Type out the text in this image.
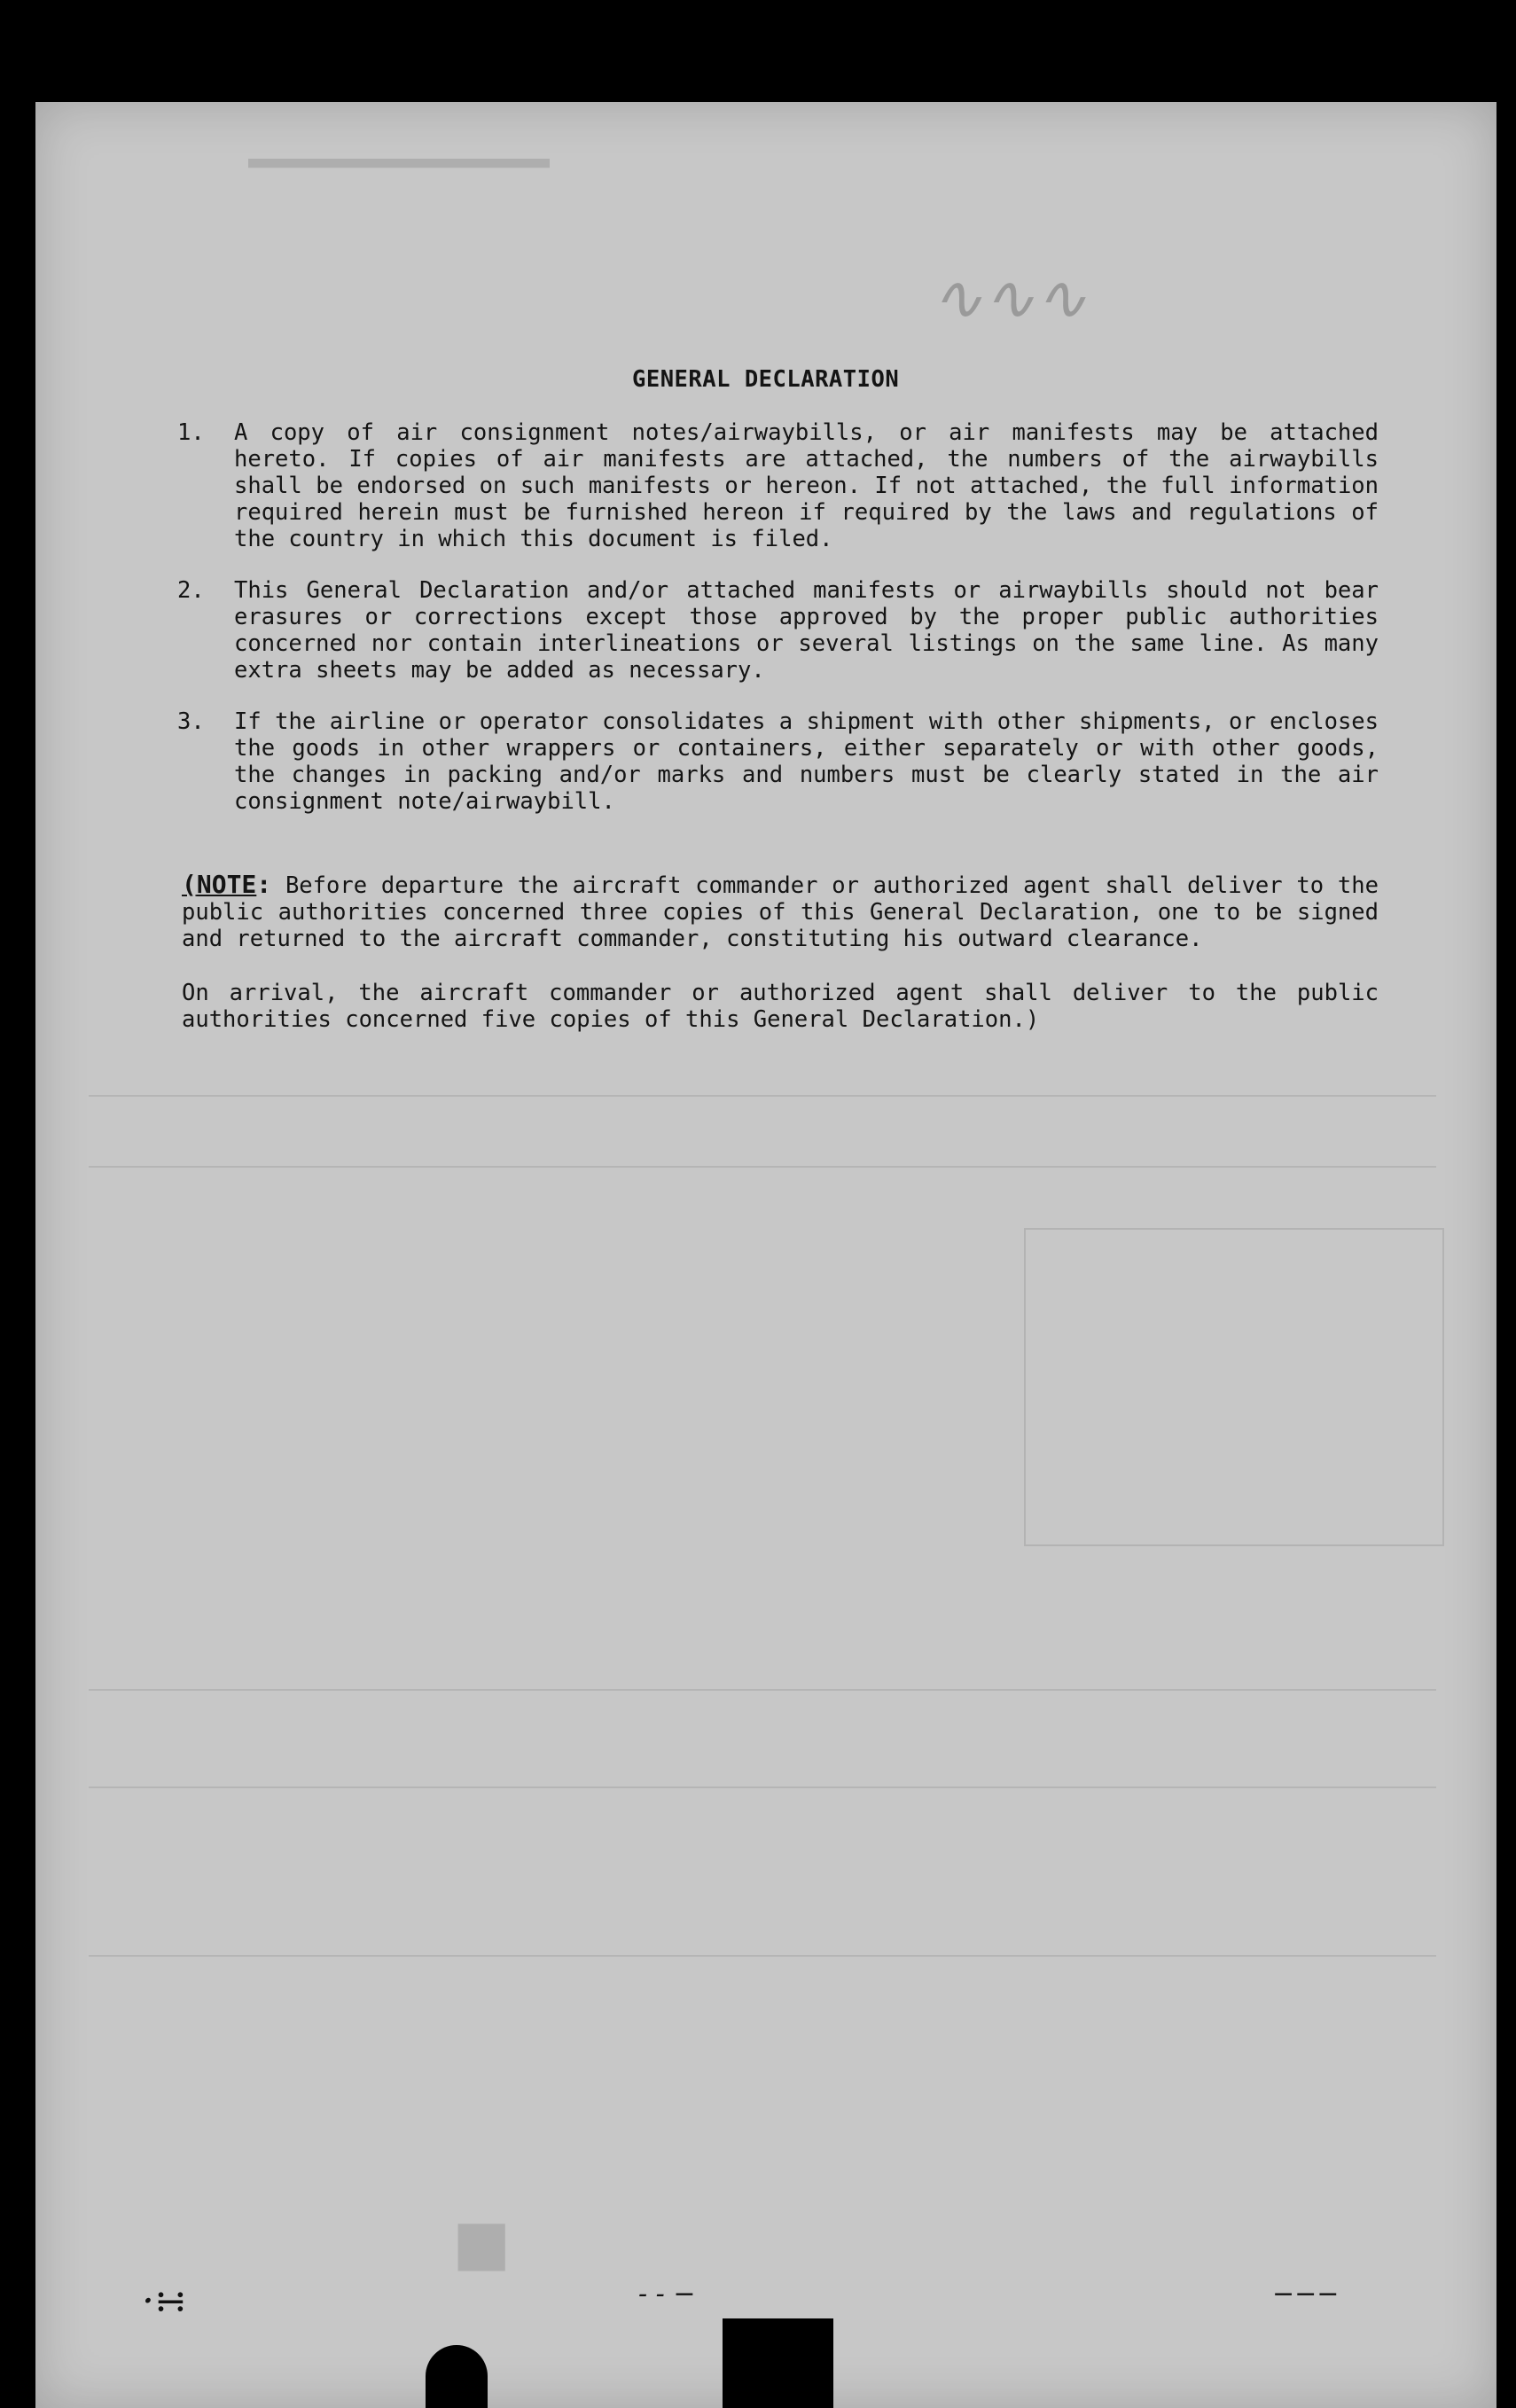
■
▬▬▬▬▬▬▬▬▬▬
∿∿∿
GENERAL DECLARATION
1. A copy of air consignment notes/airwaybills, or air manifests may be attached hereto. If copies of air manifests are attached, the numbers of the airwaybills shall be endorsed on such manifests or hereon. If not attached, the full information required herein must be furnished hereon if required by the laws and regulations of the country in which this document is filed.
2. This General Declaration and/or attached manifests or airwaybills should not bear erasures or corrections except those approved by the proper public authorities concerned nor contain interlineations or several listings on the same line. As many extra sheets may be added as necessary.
3. If the airline or operator consolidates a shipment with other shipments, or encloses the goods in other wrappers or containers, either separately or with other goods, the changes in packing and/or marks and numbers must be clearly stated in the air consignment note/airwaybill.
(NOTE: Before departure the aircraft commander or authorized agent shall deliver to the public authorities concerned three copies of this General Declaration, one to be signed and returned to the aircraft commander, constituting his outward clearance.
On arrival, the aircraft commander or authorized agent shall deliver to the public authorities concerned five copies of this General Declaration.)
·∺	- - −	−−−
